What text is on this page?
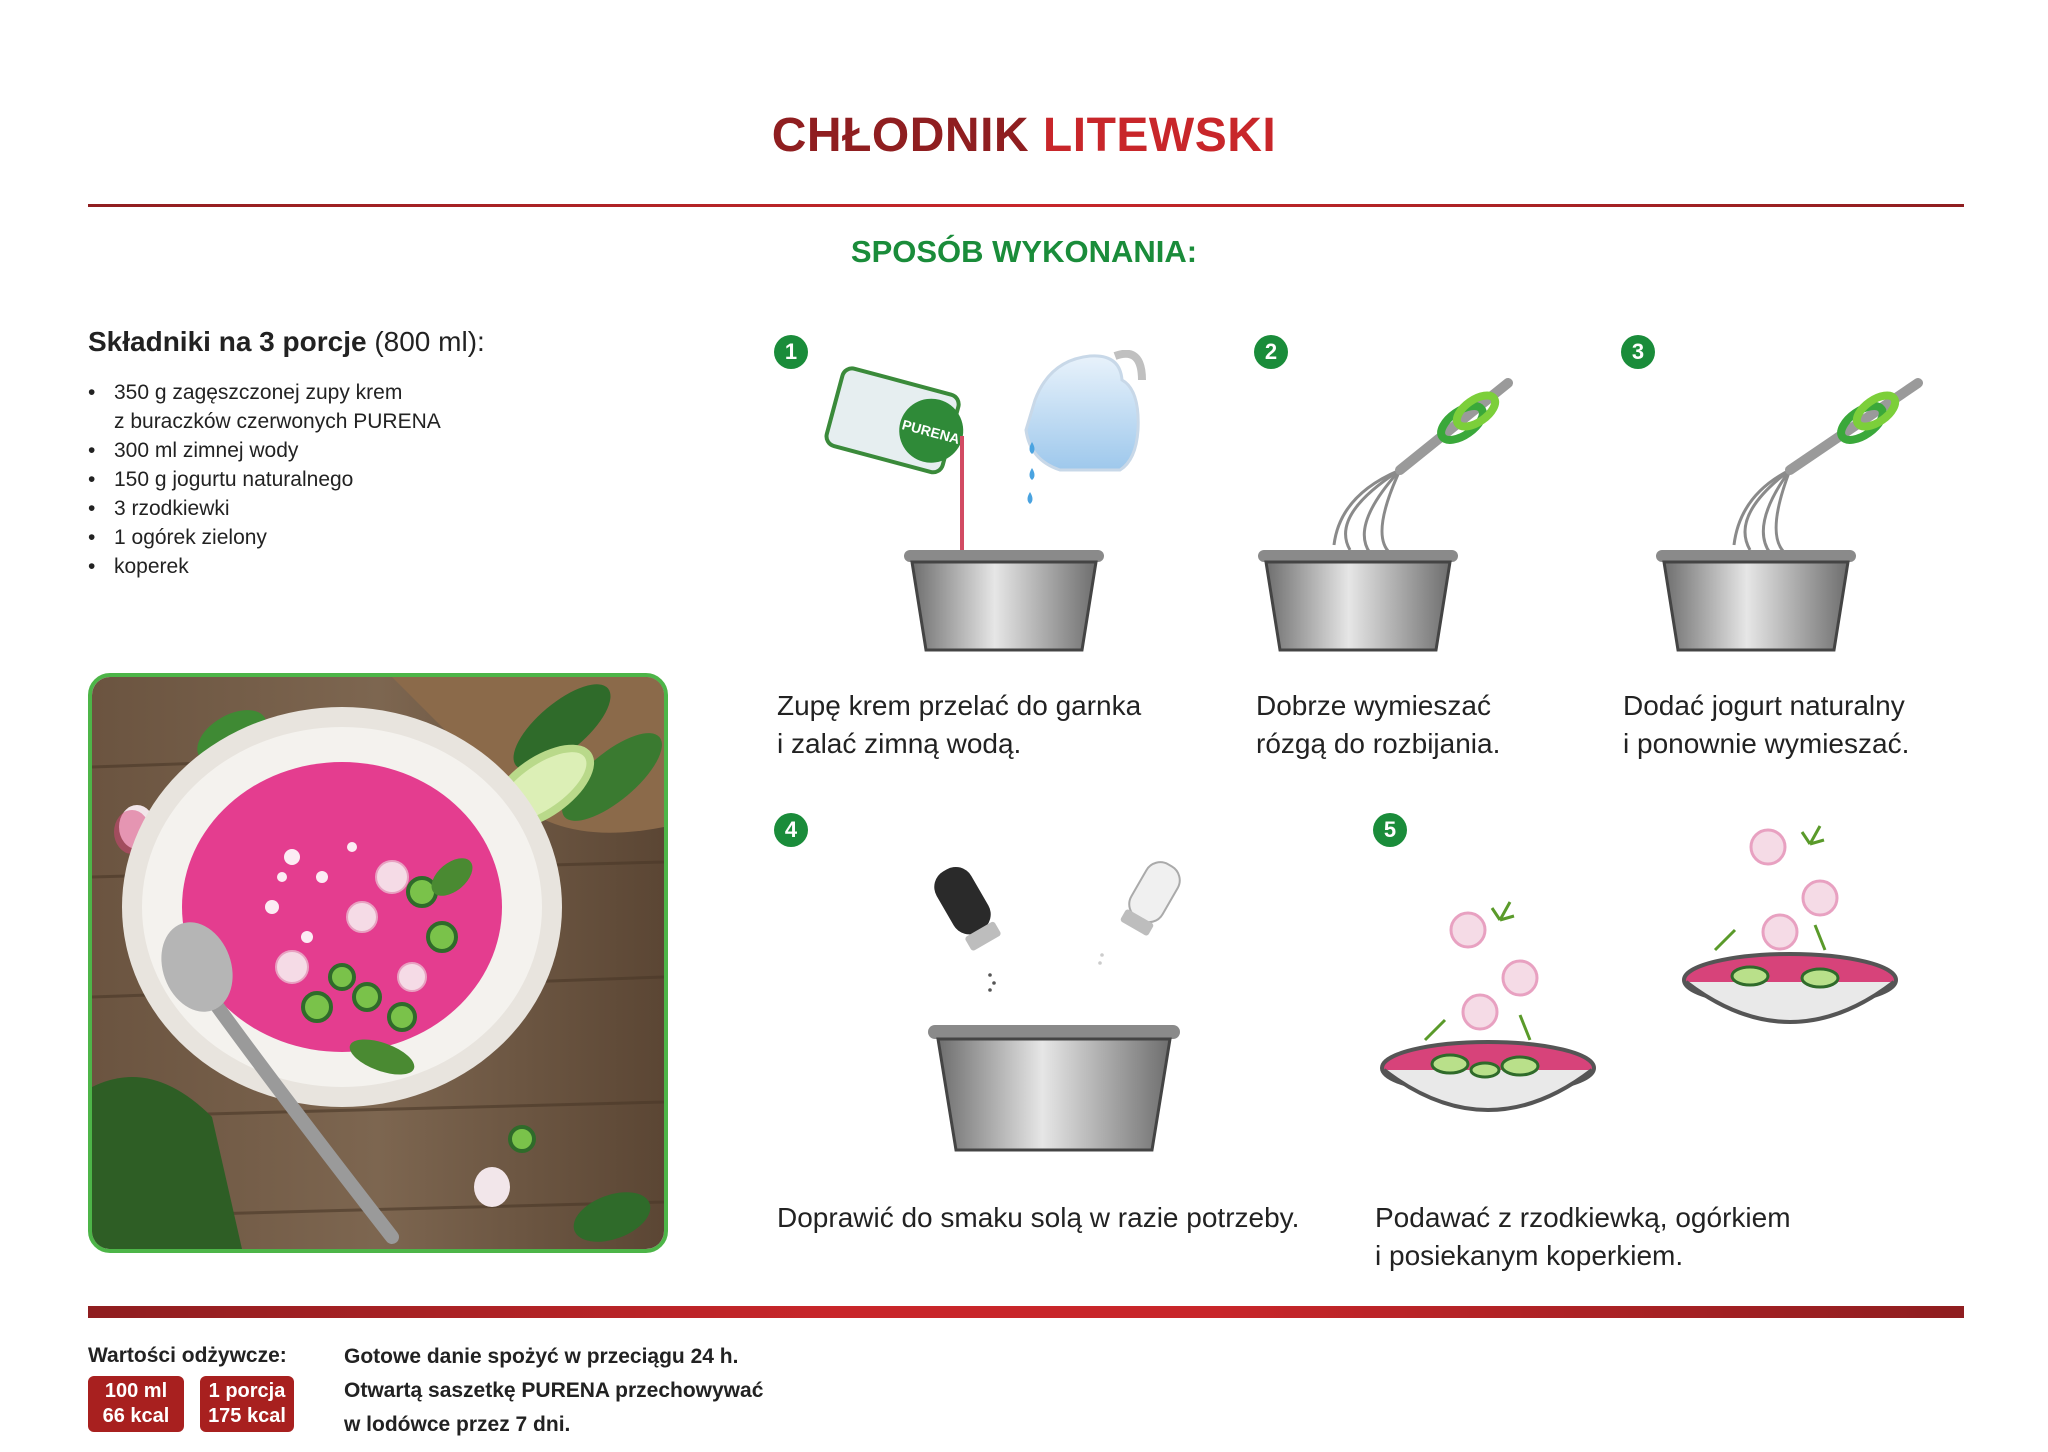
CHŁODNIK LITEWSKI
SPOSÓB WYKONANIA:
Składniki na 3 porcje (800 ml):
• 350 g zagęszczonej zupy krem
z buraczków czerwonych PURENA
• 300 ml zimnej wody
• 150 g jogurtu naturalnego
• 3 rzodkiewki
• 1 ogórek zielony
• koperek
1	2	3
4	5
PURENA
Zupę krem przelać do garnka
i zalać zimną wodą.
Dobrze wymieszać
rózgą do rozbijania.
Dodać jogurt naturalny
i ponownie wymieszać.
Doprawić do smaku solą w razie potrzeby.	Podawać z rzodkiewką, ogórkiem
i posiekanym koperkiem.
Wartości odżywcze:
100 ml
66 kcal
1 porcja
175 kcal
Gotowe danie spożyć w przeciągu 24 h.
Otwartą saszetkę PURENA przechowywać
w lodówce przez 7 dni.
